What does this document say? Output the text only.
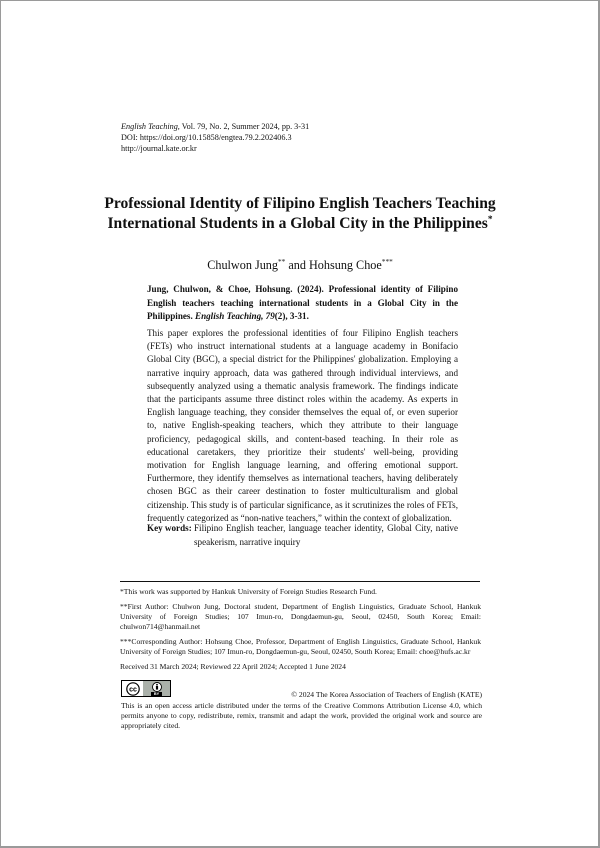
English Teaching, Vol. 79, No. 2, Summer 2024, pp. 3-31
DOI: https://doi.org/10.15858/engtea.79.2.202406.3
http://journal.kate.or.kr
Professional Identity of Filipino English Teachers Teaching
International Students in a Global City in the Philippines*
Chulwon Jung** and Hohsung Choe***
Jung, Chulwon, & Choe, Hohsung. (2024). Professional identity of Filipino English teachers teaching international students in a Global City in the Philippines. English Teaching, 79(2), 3-31.
This paper explores the professional identities of four Filipino English teachers (FETs) who instruct international students at a language academy in Bonifacio Global City (BGC), a special district for the Philippines' globalization. Employing a narrative inquiry approach, data was gathered through individual interviews, and subsequently analyzed using a thematic analysis framework. The findings indicate that the participants assume three distinct roles within the academy. As experts in English language teaching, they consider themselves the equal of, or even superior to, native English-speaking teachers, which they attribute to their language proficiency, pedagogical skills, and content-based teaching. In their role as educational caretakers, they prioritize their students' well-being, providing motivation for English language learning, and offering emotional support. Furthermore, they identify themselves as international teachers, having deliberately chosen BGC as their career destination to foster multiculturalism and global citizenship. This study is of particular significance, as it scrutinizes the roles of FETs, frequently categorized as “non-native teachers,” within the context of globalization.
Key words: Filipino English teacher, language teacher identity, Global City, native speakerism, narrative inquiry

*This work was supported by Hankuk University of Foreign Studies Research Fund.

**First Author: Chulwon Jung, Doctoral student, Department of English Linguistics, Graduate School, Hankuk University of Foreign Studies; 107 Imun-ro, Dongdaemun-gu, Seoul, 02450, South Korea; Email: chulwon714@hanmail.net

***Corresponding Author: Hohsung Choe, Professor, Department of English Linguistics, Graduate School, Hankuk University of Foreign Studies; 107 Imun-ro, Dongdaemun-gu, Seoul, 02450, South Korea; Email: choe@hufs.ac.kr

Received 31 March 2024; Reviewed 22 April 2024; Accepted 1 June 2024

cc
BY	© 2024 The Korea Association of Teachers of English (KATE)
This is an open access article distributed under the terms of the Creative Commons Attribution License 4.0, which permits anyone to copy, redistribute, remix, transmit and adapt the work, provided the original work and source are appropriately cited.
